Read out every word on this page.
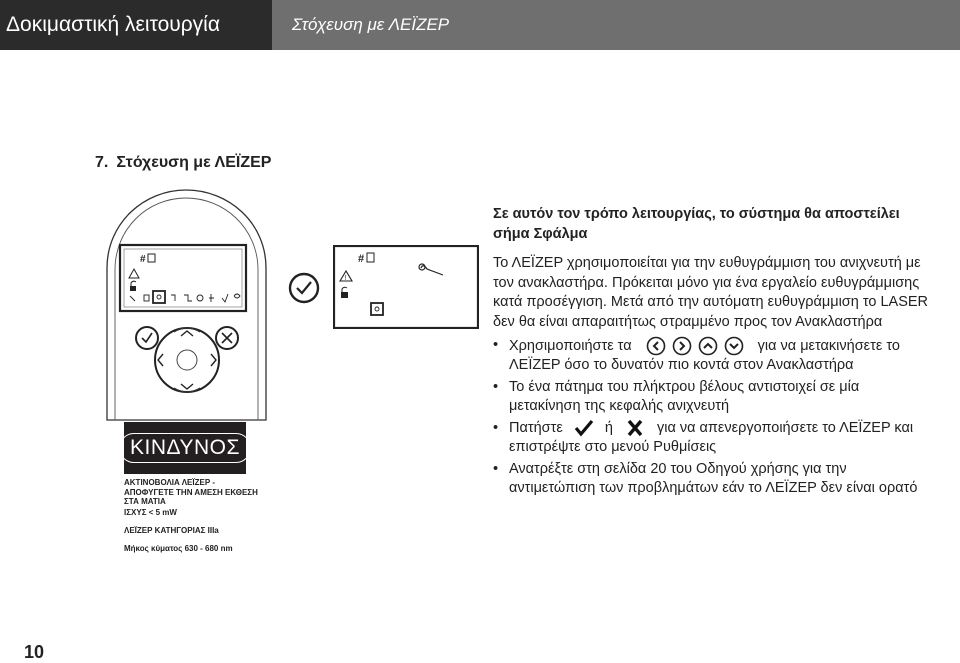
Δοκιμαστική λειτουργία	Στόχευση με ΛΕΪΖΕΡ
7. Στόχευση με ΛΕΪΖΕΡ
#	#
!
ΚΙΝΔΥΝΟΣ
ΑΚΤΙΝΟΒΟΛΙΑ ΛΕΪΖΕΡ - ΑΠΟΦΥΓΕΤΕ ΤΗΝ ΑΜΕΣΗ ΕΚΘΕΣΗ ΣΤΑ ΜΑΤΙΑ
ΙΣΧΥΣ < 5 mW
ΛΕΪΖΕΡ ΚΑΤΗΓΟΡΙΑΣ IIIa
Μήκος κύματος 630 - 680 nm

Σε αυτόν τον τρόπο λειτουργίας, το σύστημα θα αποστείλει σήμα Σφάλμα

Το ΛΕΪΖΕΡ χρησιμοποιείται για την ευθυγράμμιση του ανιχνευτή με τον ανακλαστήρα. Πρόκειται μόνο για ένα εργαλείο ευθυγράμμισης κατά προσέγγιση. Μετά από την αυτόματη ευθυγράμμιση το LASER δεν θα είναι απαραιτήτως στραμμένο προς τον Ανακλαστήρα

• Χρησιμοποιήστε τα	για να μετακινήσετε το ΛΕΪΖΕΡ όσο το δυνατόν πιο κοντά στον Ανακλαστήρα
• Το ένα πάτημα του πλήκτρου βέλους αντιστοιχεί σε μία μετακίνηση της κεφαλής ανιχνευτή
• Πατήστε	ή	για να απενεργοποιήσετε το ΛΕΪΖΕΡ και επιστρέψτε στο μενού Ρυθμίσεις
• Ανατρέξτε στη σελίδα 20 του Οδηγού χρήσης για την αντιμετώπιση των προβλημάτων εάν το ΛΕΪΖΕΡ δεν είναι ορατό
10
